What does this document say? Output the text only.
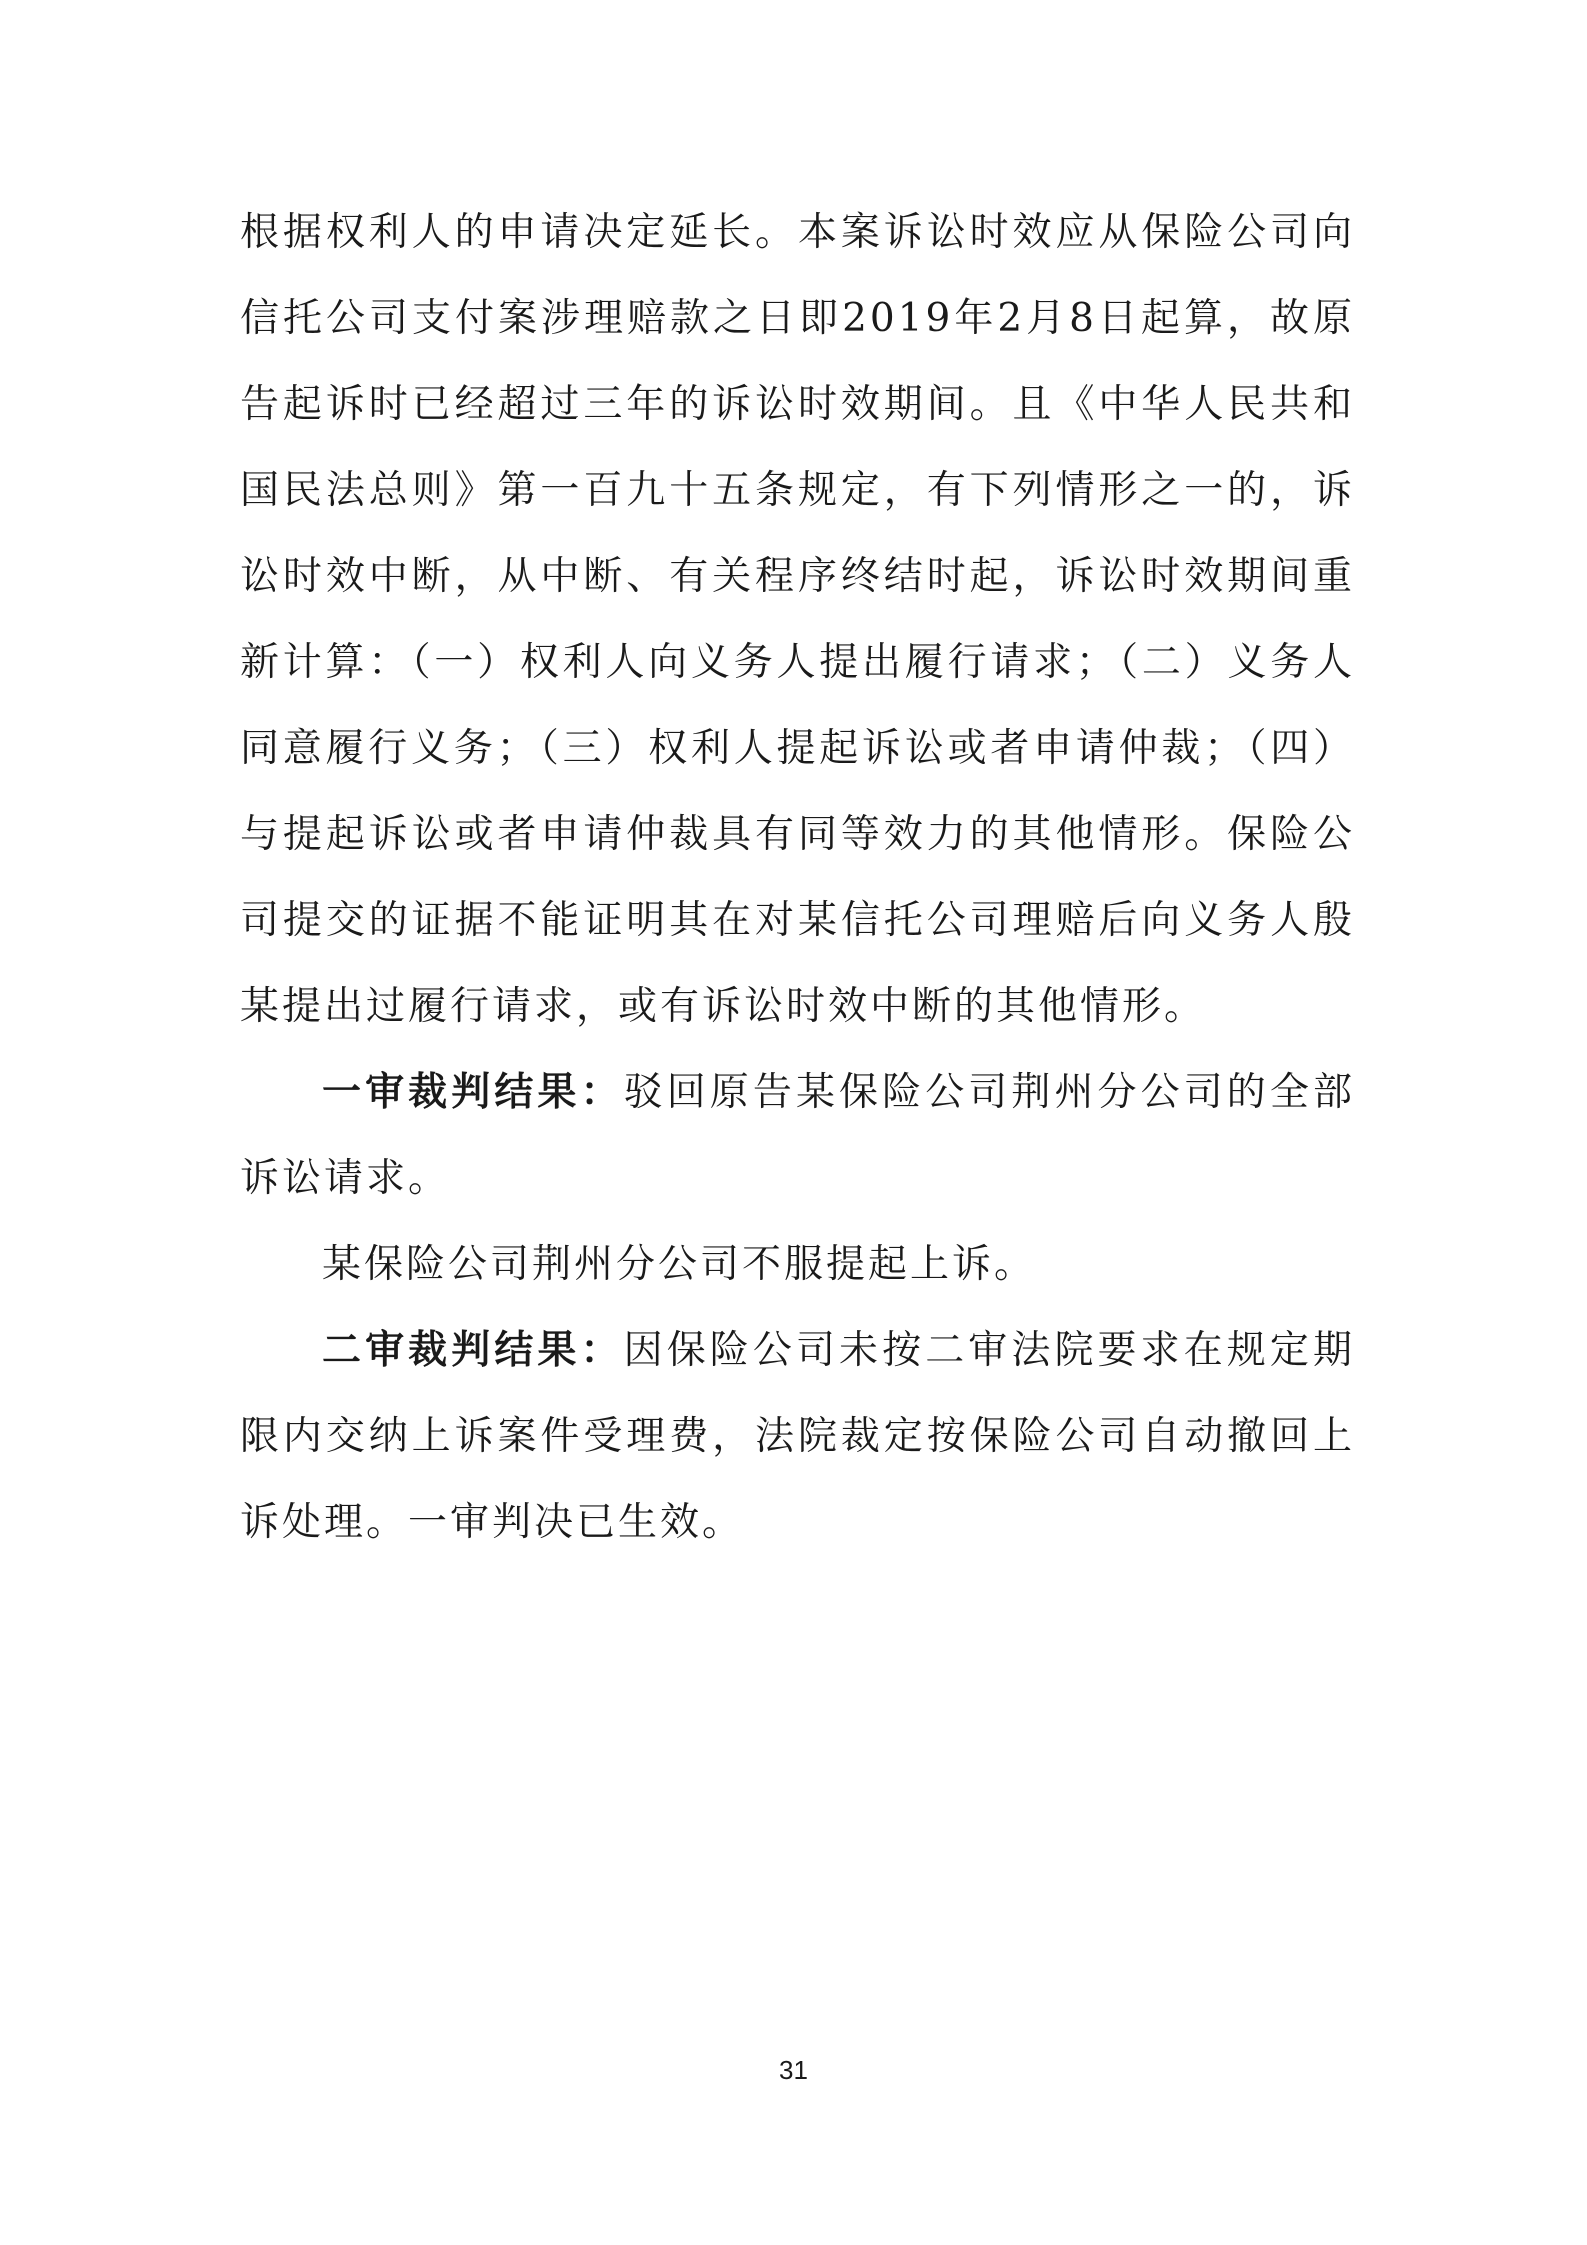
根据权利人的申请决定延长。本案诉讼时效应从保险公司向信托公司支付案涉理赔款之日即2019年2月8日起算，故原告起诉时已经超过三年的诉讼时效期间。且《中华人民共和国民法总则》第一百九十五条规定，有下列情形之一的，诉讼时效中断，从中断、有关程序终结时起，诉讼时效期间重新计算：（一）权利人向义务人提出履行请求；（二）义务人同意履行义务；（三）权利人提起诉讼或者申请仲裁；（四）与提起诉讼或者申请仲裁具有同等效力的其他情形。保险公司提交的证据不能证明其在对某信托公司理赔后向义务人殷某提出过履行请求，或有诉讼时效中断的其他情形。

一审裁判结果：驳回原告某保险公司荆州分公司的全部诉讼请求。

某保险公司荆州分公司不服提起上诉。

二审裁判结果：因保险公司未按二审法院要求在规定期限内交纳上诉案件受理费，法院裁定按保险公司自动撤回上诉处理。一审判决已生效。

31
